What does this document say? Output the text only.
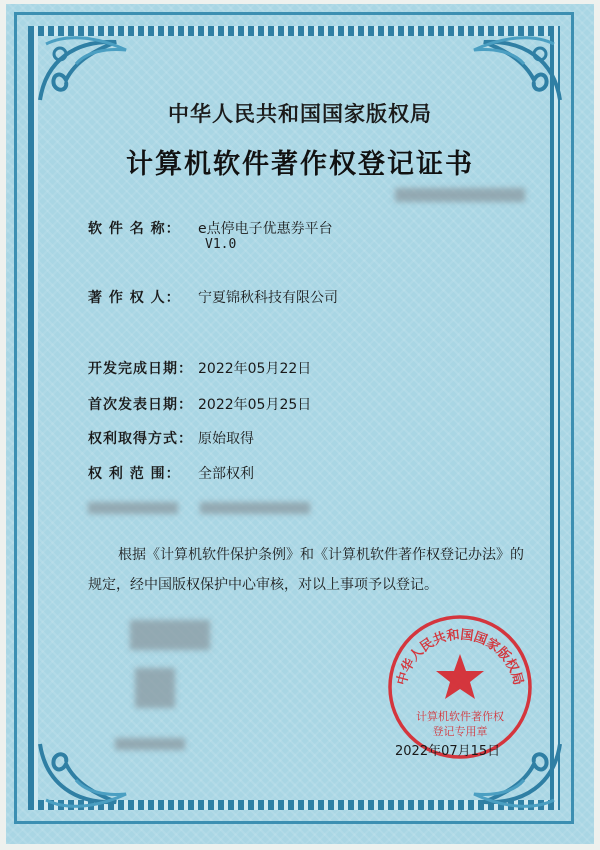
中华人民共和国国家版权局
计算机软件著作权登记证书
软 件 名 称： e点停电子优惠券平台
V1.0
著 作 权 人： 宁夏锦秋科技有限公司
开发完成日期： 2022年05月22日
首次发表日期： 2022年05月25日
权利取得方式： 原始取得
权 利 范 围： 全部权利
根据《计算机软件保护条例》和《计算机软件著作权登记办法》的
规定，经中国版权保护中心审核，对以上事项予以登记。
中华人民共和国国家版权局
计算机软件著作权
登记专用章
2022年07月15日
